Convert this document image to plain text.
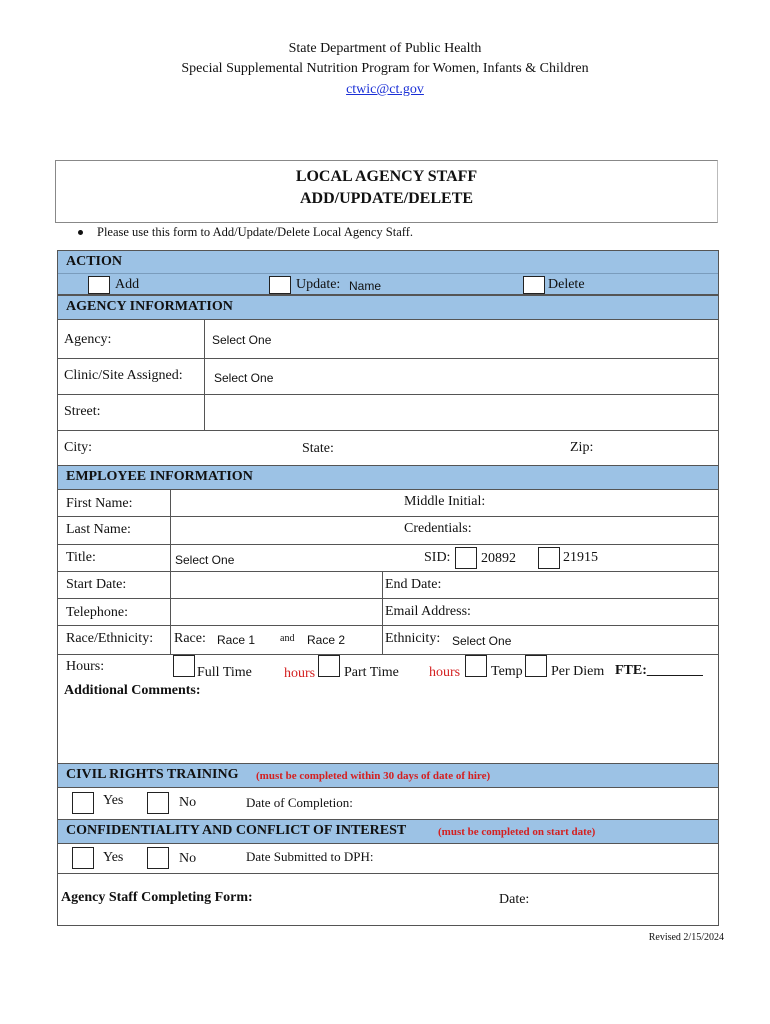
State Department of Public Health
Special Supplemental Nutrition Program for Women, Infants & Children
ctwic@ct.gov
LOCAL AGENCY STAFF
ADD/UPDATE/DELETE
Please use this form to Add/Update/Delete Local Agency Staff.
ACTION
Add	Update: Name	Delete
AGENCY INFORMATION
Agency:	Select One
Clinic/Site Assigned:	Select One
Street:
City:	State:	Zip:
EMPLOYEE INFORMATION
First Name:	Middle Initial:
Last Name:	Credentials:
Title:	Select One	SID: 20892	21915
Start Date:	End Date:
Telephone:	Email Address:
Race/Ethnicity: Race: Race 1 and Race 2	Ethnicity: Select One
Hours:	Full Time hours Part Time hours Temp Per Diem FTE:________
Additional Comments:
CIVIL RIGHTS TRAINING (must be completed within 30 days of date of hire)
Yes	No	Date of Completion:
CONFIDENTIALITY AND CONFLICT OF INTEREST	(must be completed on start date)
Yes	No	Date Submitted to DPH:
Agency Staff Completing Form:	Date:
Revised 2/15/2024
